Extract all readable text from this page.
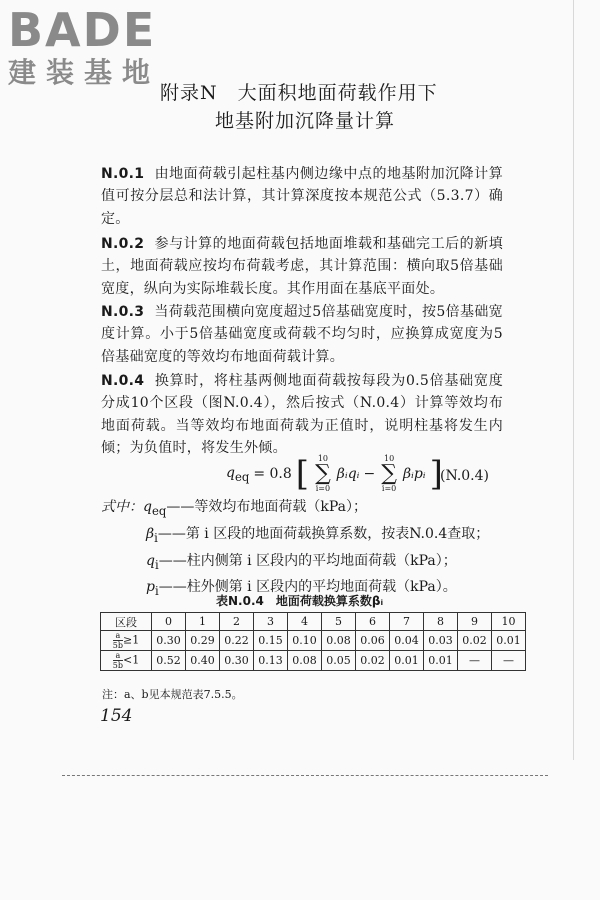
BADE
建装基地
附录N　大面积地面荷载作用下
地基附加沉降量计算
N.0.1 由地面荷载引起柱基内侧边缘中点的地基附加沉降计算值可按分层总和法计算，其计算深度按本规范公式（5.3.7）确定。
N.0.2 参与计算的地面荷载包括地面堆载和基础完工后的新填土，地面荷载应按均布荷载考虑，其计算范围：横向取5倍基础宽度，纵向为实际堆载长度。其作用面在基底平面处。
N.0.3 当荷载范围横向宽度超过5倍基础宽度时，按5倍基础宽度计算。小于5倍基础宽度或荷载不均匀时，应换算成宽度为5倍基础宽度的等效均布地面荷载计算。
N.0.4 换算时，将柱基两侧地面荷载按每段为0.5倍基础宽度分成10个区段（图N.0.4），然后按式（N.0.4）计算等效均布地面荷载。当等效均布地面荷载为正值时，说明柱基将发生内倾；为负值时，将发生外倾。
$q_{eq} = 0.8$ [ 10
∑
i=0
βᵢqᵢ −
10
∑
i=0
βᵢpᵢ ]
(N.0.4)
式中：$q_{eq}——$等效均布地面荷载（kPa）；
$\beta_i——$第 i 区段的地面荷载换算系数，按表N.0.4查取；
$q_i——$柱内侧第 i 区段内的平均地面荷载（kPa）；
$p_i——$柱外侧第 i 区段内的平均地面荷载（kPa）。
表N.0.4　地面荷载换算系数βᵢ
区段	0	1	2	3	4	5	6	7	8	9	10

$\frac{a}{5b} \ge 1$	0.30	0.29	0.22	0.15	0.10	0.08	0.06	0.04	0.03	0.02	0.01

$\frac{a}{5b} <1$	0.52	0.40	0.30	0.13	0.08	0.05	0.02	0.01	0.01	—	—
注：a、b见本规范表7.5.5。
154
